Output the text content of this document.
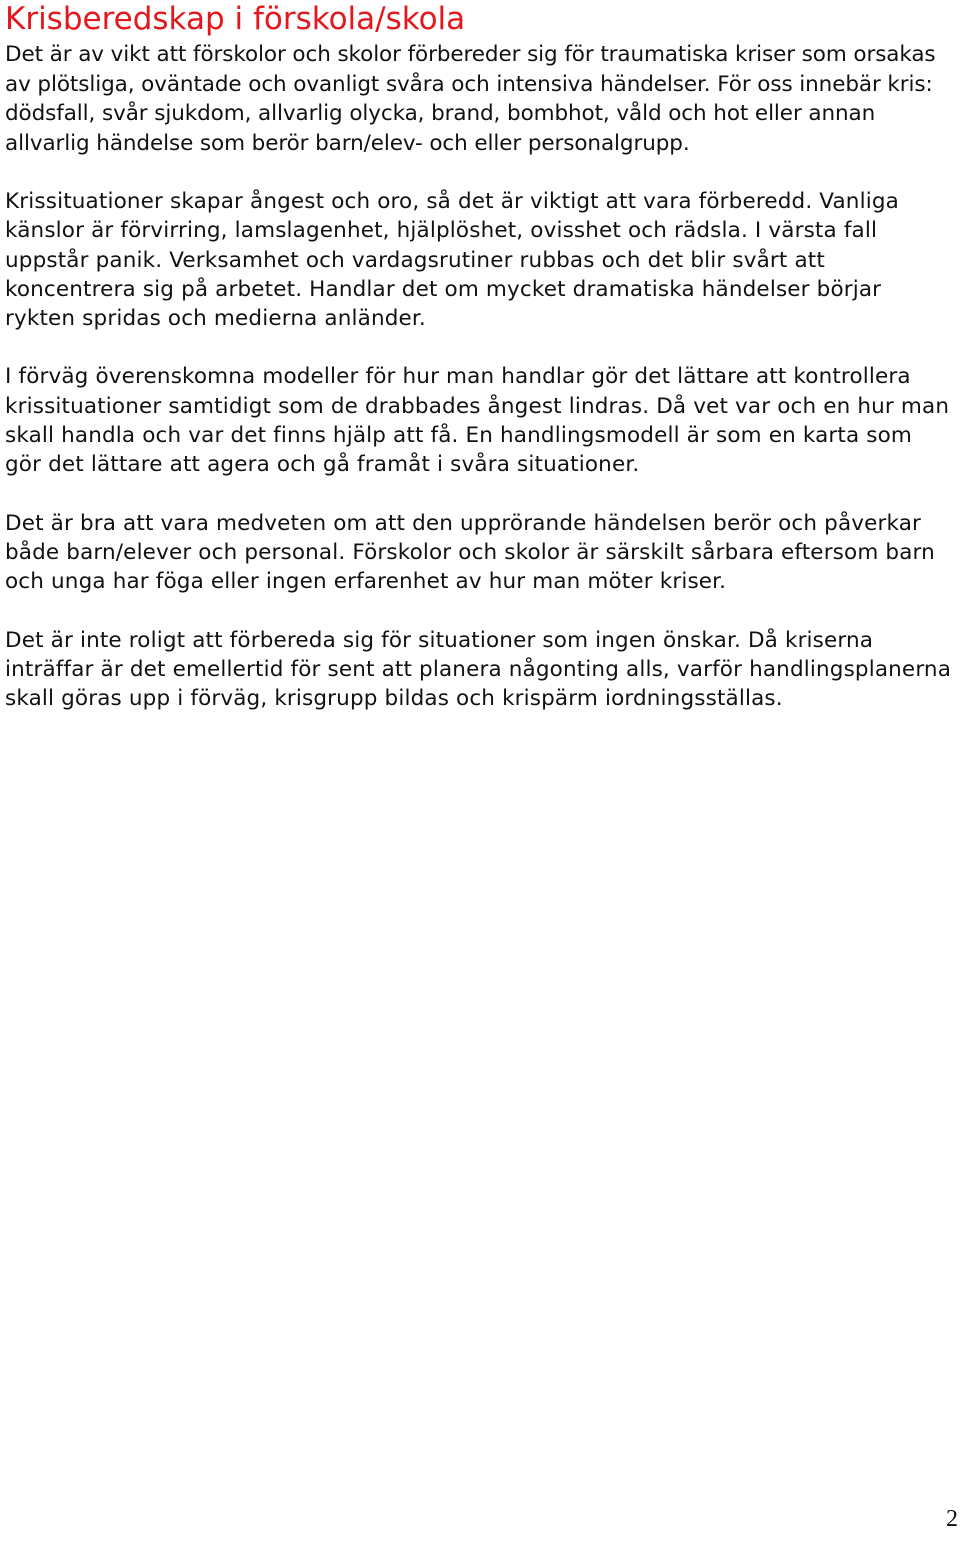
Krisberedskap i förskola/skola

Det är av vikt att förskolor och skolor förbereder sig för traumatiska kriser som orsakas av plötsliga, oväntade och ovanligt svåra och intensiva händelser. För oss innebär kris: dödsfall, svår sjukdom, allvarlig olycka, brand, bombhot, våld och hot eller annan allvarlig händelse som berör barn/elev- och eller personalgrupp.

Krissituationer skapar ångest och oro, så det är viktigt att vara förberedd. Vanliga känslor är förvirring, lamslagenhet, hjälplöshet, ovisshet och rädsla. I värsta fall uppstår panik. Verksamhet och vardagsrutiner rubbas och det blir svårt att koncentrera sig på arbetet. Handlar det om mycket dramatiska händelser börjar rykten spridas och medierna anländer.

I förväg överenskomna modeller för hur man handlar gör det lättare att kontrollera krissituationer samtidigt som de drabbades ångest lindras. Då vet var och en hur man skall handla och var det finns hjälp att få. En handlingsmodell är som en karta som gör det lättare att agera och gå framåt i svåra situationer.

Det är bra att vara medveten om att den upprörande händelsen berör och påverkar både barn/elever och personal. Förskolor och skolor är särskilt sårbara eftersom barn och unga har föga eller ingen erfarenhet av hur man möter kriser.

Det är inte roligt att förbereda sig för situationer som ingen önskar. Då kriserna inträffar är det emellertid för sent att planera någonting alls, varför handlingsplanerna skall göras upp i förväg, krisgrupp bildas och krispärm iordningsställas.

2
